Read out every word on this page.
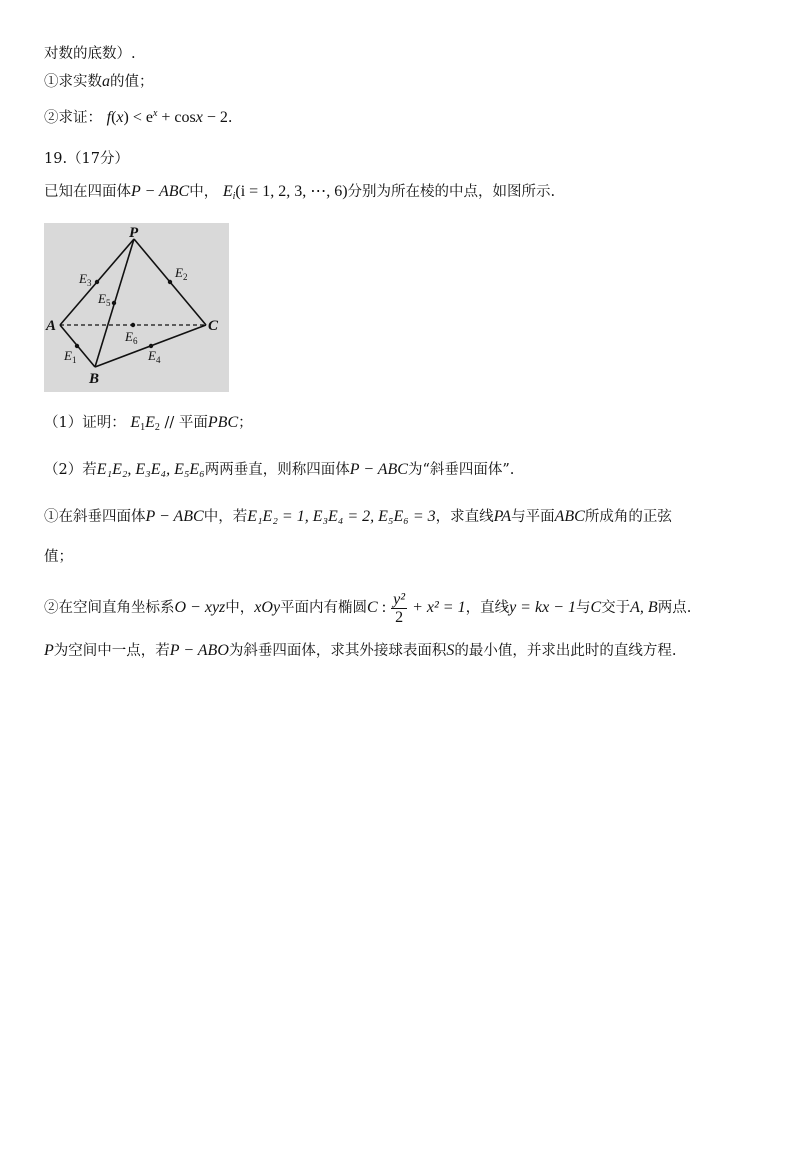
对数的底数）.
①求实数a的值；
②求证： $f(x) < e^x + \cos x - 2$.
19.（17分）
已知在四面体P − ABC中， $E_i(i = 1$, 2, 3, ⋯, 6)分别为所在棱的中点，如图所示.
P
A
B
C
$E_3$
$E_2$
$E_5$
$E_6$
$E_1$	$E_4$
（1）证明： $E_1E_2$ // 平面PBC；
（2）若E₁E₂, E₃E₄, E₅E₆两两垂直，则称四面体P − ABC为“斜垂四面体”.
①在斜垂四面体P − ABC中，若E₁E₂ = 1, E₃E₄ = 2, E₅E₆ = 3，求直线PA与平面ABC所成角的正弦
值；
②在空间直角坐标系O − xyz中，xOy平面内有椭圆C : $\frac{\text{y²}}{2} + x^2 = 1$，直线y = kx − 1与C交于A, B两点.
P为空间中一点，若P − ABO为斜垂四面体，求其外接球表面积S的最小值，并求出此时的直线方程.
